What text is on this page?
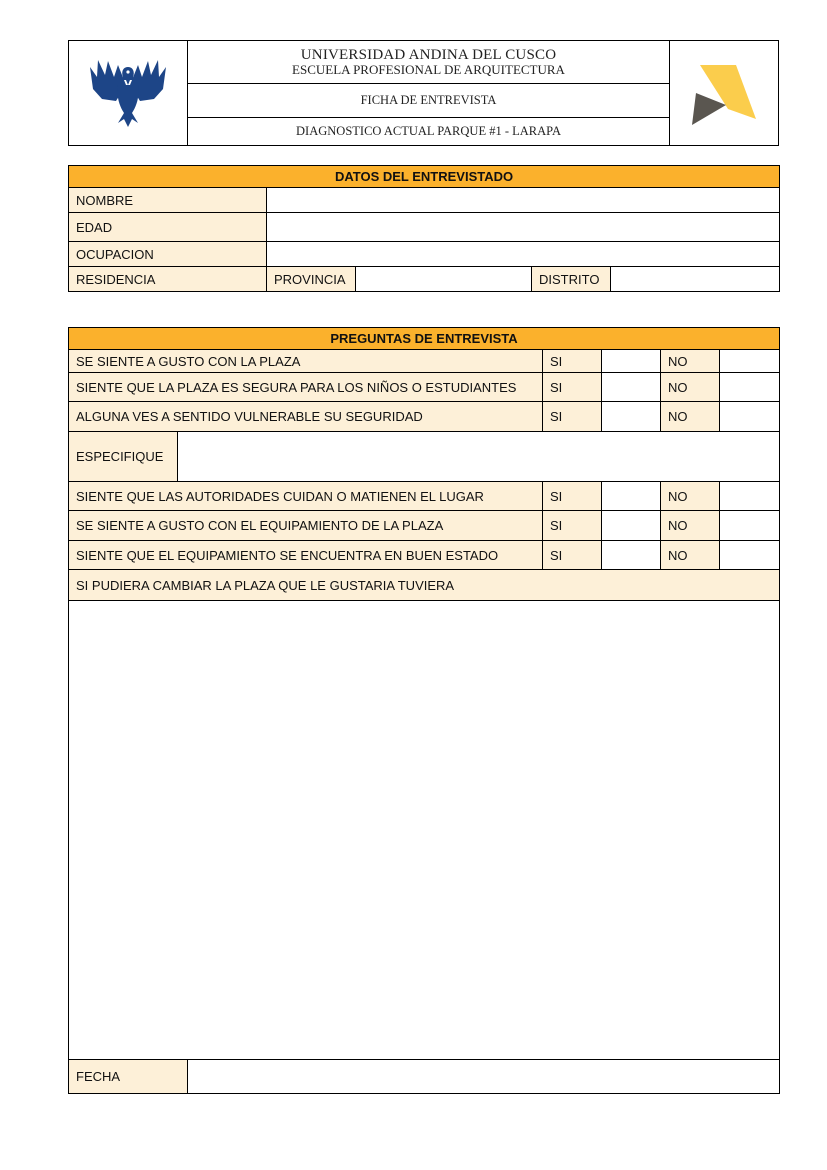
UNIVERSIDAD ANDINA DEL CUSCO
ESCUELA PROFESIONAL DE ARQUITECTURA
FICHA DE ENTREVISTA
DIAGNOSTICO ACTUAL PARQUE #1 - LARAPA
DATOS DEL ENTREVISTADO				
NOMBRE				
EDAD				
OCUPACION				
RESIDENCIA	PROVINCIA		DISTRITO	
PREGUNTAS DE ENTREVISTA					
SE SIENTE A GUSTO CON LA PLAZA		SI		NO	
SIENTE QUE LA PLAZA ES SEGURA PARA LOS NIÑOS O ESTUDIANTES		SI		NO	
ALGUNA VES A SENTIDO VULNERABLE SU SEGURIDAD		SI		NO	
ESPECIFIQUE					
SIENTE QUE LAS AUTORIDADES CUIDAN O MATIENEN EL LUGAR		SI		NO	
SE SIENTE A GUSTO CON EL EQUIPAMIENTO DE LA PLAZA		SI		NO	
SIENTE QUE EL EQUIPAMIENTO SE ENCUENTRA EN BUEN ESTADO		SI		NO	
SI PUDIERA CAMBIAR LA PLAZA QUE LE GUSTARIA TUVIERA					

FECHA	
